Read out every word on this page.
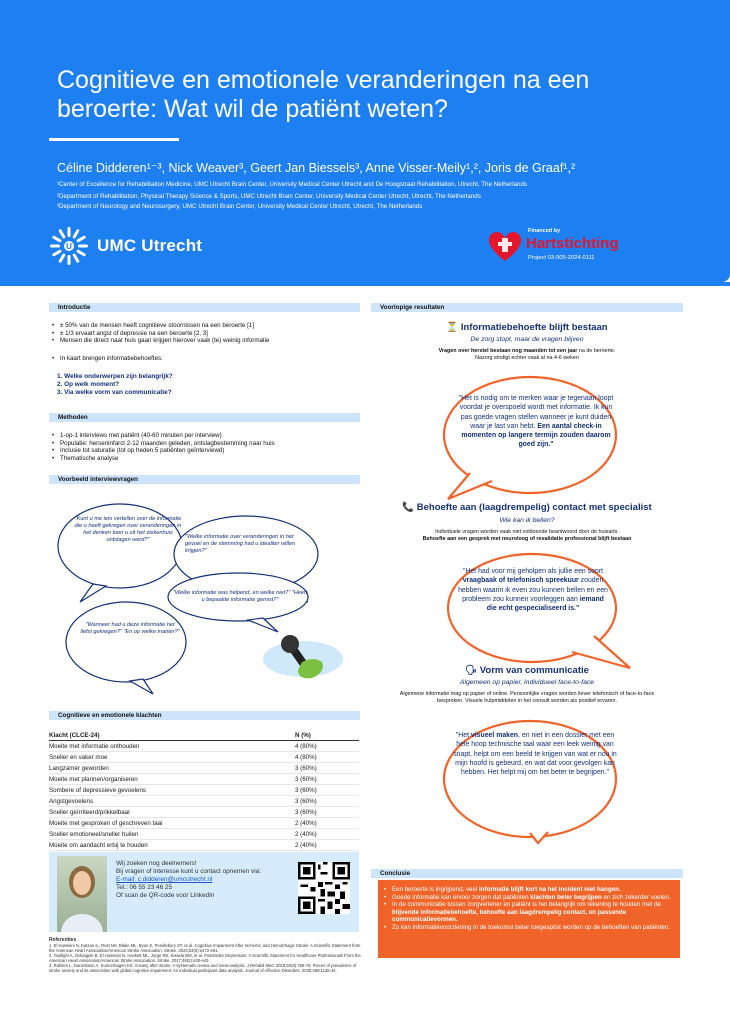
Cognitieve en emotionele veranderingen na een
beroerte: Wat wil de patiënt weten?
Céline Didderen¹⁻³, Nick Weaver³, Geert Jan Biessels³, Anne Visser-Meily¹,², Joris de Graaf¹,²
¹Center of Excellence for Rehabilitation Medicine, UMC Utrecht Brain Center, University Medical Center Utrecht and De Hoogstraat Rehabilitation, Utrecht, The Netherlands
²Department of Rehabilitation, Physical Therapy Science & Sports, UMC Utrecht Brain Center, University Medical Center Utrecht, Utrecht, The Netherlands
³Department of Neurology and Neurosurgery, UMC Utrecht Brain Center, University Medical Center Utrecht, Utrecht, The Netherlands
U UMC Utrecht
Financed by
Hartstichting
Project 03-005-2024-0111
Introductie
• ± 50% van de mensen heeft cognitieve stoornissen na een beroerte [1]
• ± 1/3 ervaart angst of depressie na een beroerte [2, 3]
• Mensen die direct naar huis gaan krijgen hierover vaak (te) weinig informatie
• In kaart brengen informatiebehoeftes:
1. Welke onderwerpen zijn belangrijk?
2. Op welk moment?
3. Via welke vorm van communicatie?
Methoden
• 1-op-1 interviews met patiënt (40-60 minuten per interview)
• Populatie: herseninfarct 2-12 maanden geleden, ontslagbestemming naar huis
• Inclusie tot saturatie (tot op heden 5 patiënten geïnterviewd)
• Thematische analyse
Voorbeeld interviewvragen
"Kunt u me iets vertellen over de informatie die u heeft gekregen over veranderingen in het denken toen u uit het ziekenhuis ontslagen werd?"	"Welke informatie over veranderingen in het gevoel en de stemming had u idealiter willen krijgen?"
"Welke informatie was helpend, en welke niet?" "Heeft u bepaalde informatie gemist?"
"Wanneer had u deze informatie het liefst gekregen?" "En op welke manier?"
Cognitieve en emotionele klachten
Klacht (CLCE-24)	N (%)
Moeite met informatie onthouden	4 (80%)
Sneller en vaker moe	4 (80%)
Langzamer geworden	3 (60%)
Moeite met plannen/organiseren	3 (60%)
Sombere of depressieve gevoelens	3 (60%)
Angstgevoelens	3 (60%)
Sneller geïrriteerd/prikkelbaar	3 (60%)
Moeite met gesproken of geschreven taal	2 (40%)
Sneller emotioneel/sneller huilen	2 (40%)
Moeite om aandacht erbij te houden	2 (40%)
Wij zoeken nog deelnemers!
Bij vragen of interesse kunt u contact opnemen via:
E-mail: c.didderen@umcutrecht.nl
Tel.: 06 55 23 46 25
Of scan de QR-code voor LinkedIn
Referenties
1. El Husseini N, Katzan IL, Rost NS, Blake ML, Byun E, Pendlebury ST, et al. Cognitive Impairment After Ischemic and Hemorrhagic Stroke: A Scientific Statement from the American Heart Association/American Stroke Association. Stroke. 2023;54(6):e272-e91.
2. Towfighi A, Ovbiagele B, El Husseini N, Hackett ML, Jorge RE, Kissela BM, et al. Poststroke Depression: A Scientific Statement for Healthcare Professionals From the American Heart Association/American Stroke Association. Stroke. 2017;48(2):e30-e43.
3. Rafsten L, Danielsson A, Sunnerhagen KS. Anxiety after stroke: A systematic review and meta-analysis. J Rehabil Med. 2018;50(9):769-78. Pieces of prevalence of stroke anxiety and its association with global cognitive impairment: An individual participant data analysis. Journal of Affective Disorders. 2025;369:1136-44.
Voorlopige resultaten
⏳ Informatiebehoefte blijft bestaan
De zorg stopt, maar de vragen blijven
Vragen over herstel bestaan nog maanden tot een jaar na de beroerte.
Nazorg eindigt echter vaak al na 4-6 weken
"Het is nodig om te merken waar je tegenaan loopt voordat je overspoeld wordt met informatie. Ik kun pas goede vragen stellen wanneer je kunt duiden waar je last van hebt. Een aantal check-in momenten op langere termijn zouden daarom goed zijn."
📞 Behoefte aan (laagdrempelig) contact met specialist
Wie kan ik bellen?
Individuele vragen worden vaak niet voldoende beantwoord door de huisarts.
Behoefte aan een gesprek met neuroloog of revalidatie professional blijft bestaan
"Het had voor mij geholpen als jullie een soort vraagbaak of telefonisch spreekuur zouden hebben waarin ik even zou kunnen bellen en een probleem zou kunnen voorleggen aan iemand die echt gespecialiseerd is."
🗣 Vorm van communicatie
Algemeen op papier, individueel face-to-face
Algemene informatie mag op papier of online. Persoonlijke vragen worden liever telefonisch of face-to-face besproken. Visuele hulpmiddelen in het consult worden als positief ervaren.
"Het visueel maken, en niet in een dossier met een hele hoop technische taal waar een leek weinig van snapt, helpt om een beeld te krijgen van wat er nou in mijn hoofd is gebeurd, en wat dat voor gevolgen kan hebben. Het helpt mij om het beter te begrijpen."
Conclusie
• Een beroerte is ingrijpend, veel informatie blijft kort na het incident niet hangen.
• Goede informatie kan ervoor zorgen dat patiënten klachten beter begrijpen en zich zekerder voelen.
• In de communicatie tussen zorgverlener en patiënt is het belangrijk om rekening te houden met de blijvende informatiebehoefte, behoefte aan laagdrempelig contact, en passende communicatievormen.
• Zo kan informatievoorziening in de toekomst beter toegespitst worden op de behoeften van patiënten.
